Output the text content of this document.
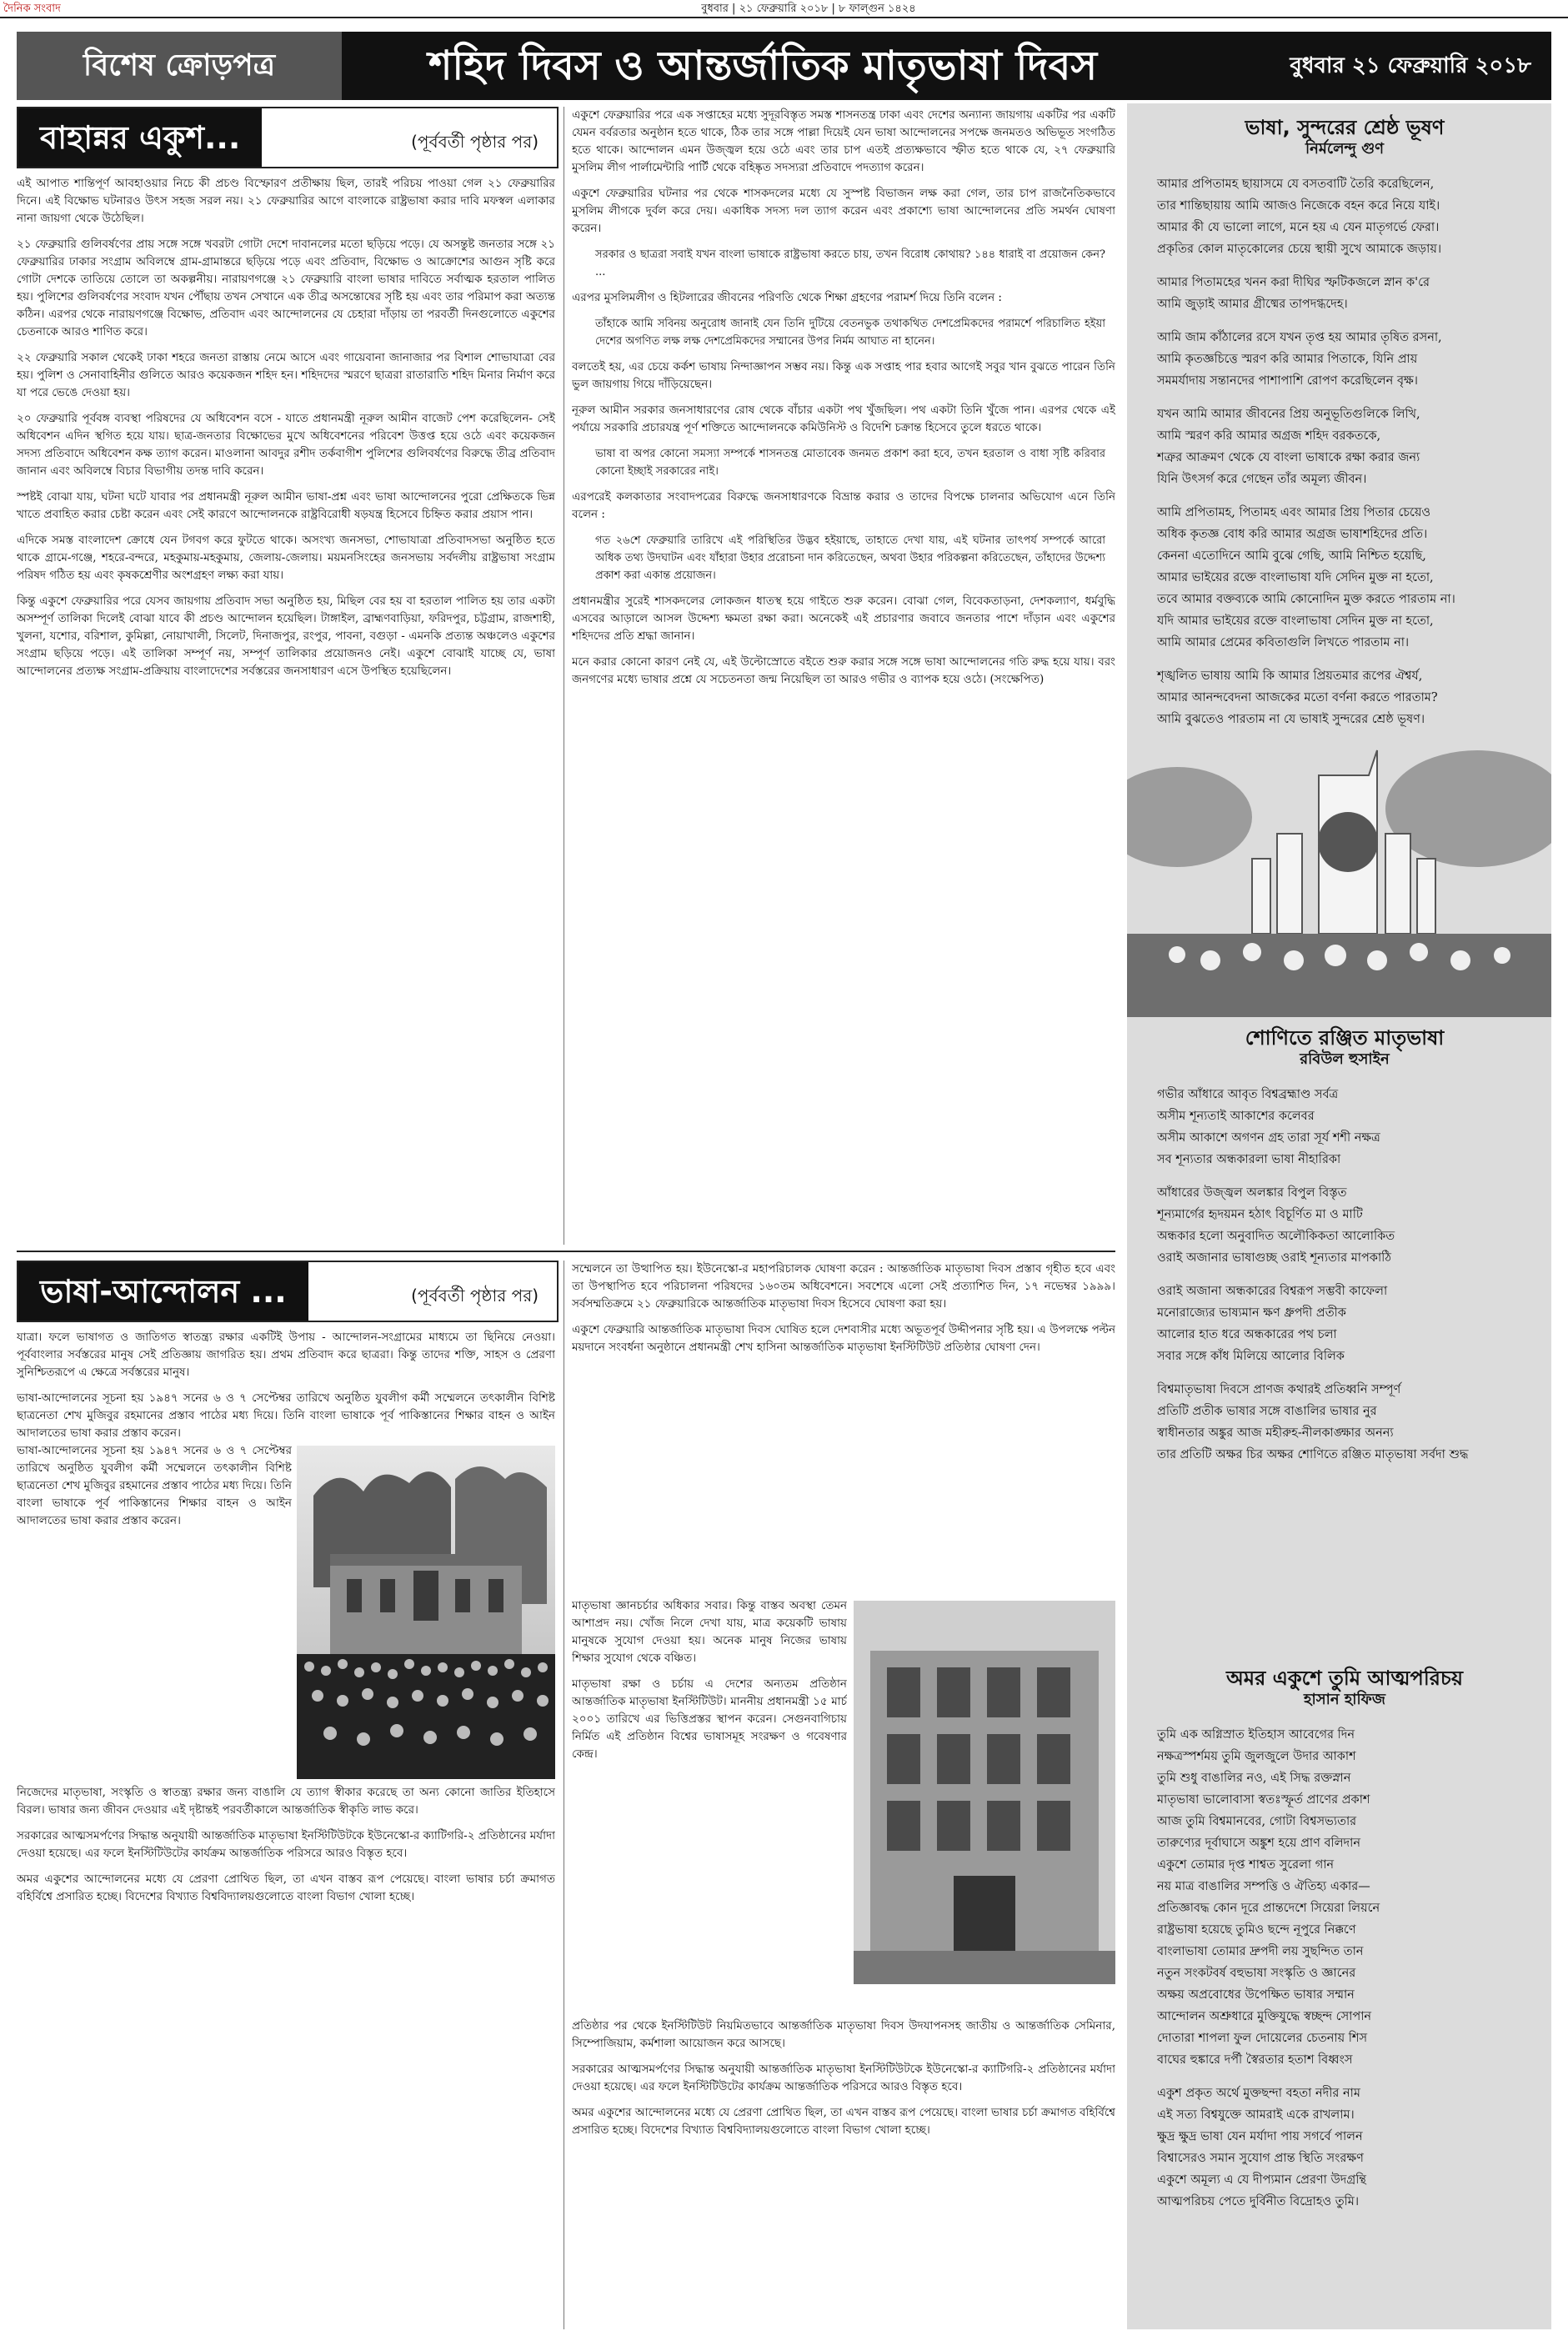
দৈনিক সংবাদ	বুধবার | ২১ ফেব্রুয়ারি ২০১৮ | ৮ ফাল্গুন ১৪২৪
বিশেষ ক্রোড়পত্র	শহিদ দিবস ও আন্তর্জাতিক মাতৃভাষা দিবস	বুধবার ২১ ফেব্রুয়ারি ২০১৮
বাহান্নর একুশ...	(পূর্ববর্তী পৃষ্ঠার পর)

এই আপাত শান্তিপূর্ণ আবহাওয়ার নিচে কী প্রচণ্ড বিস্ফোরণ প্রতীক্ষায় ছিল, তারই পরিচয় পাওয়া গেল ২১ ফেব্রুয়ারির দিনে। এই বিক্ষোভ ঘটনারও উৎস সহজ সরল নয়। ২১ ফেব্রুয়ারির আগে বাংলাকে রাষ্ট্রভাষা করার দাবি মফস্বল এলাকার নানা জায়গা থেকে উঠেছিল।

২১ ফেব্রুয়ারি গুলিবর্ষণের প্রায় সঙ্গে সঙ্গে খবরটা গোটা দেশে দাবানলের মতো ছড়িয়ে পড়ে। যে অসন্তুষ্ট জনতার সঙ্গে ২১ ফেব্রুয়ারির ঢাকার সংগ্রাম অবিলম্বে গ্রাম-গ্রামান্তরে ছড়িয়ে পড়ে এবং প্রতিবাদ, বিক্ষোভ ও আক্রোশের আগুন সৃষ্টি করে গোটা দেশকে তাতিয়ে তোলে তা অকল্পনীয়। নারায়ণগঞ্জে ২১ ফেব্রুয়ারি বাংলা ভাষার দাবিতে সর্বাত্মক হরতাল পালিত হয়। পুলিশের গুলিবর্ষণের সংবাদ যখন পৌঁছায় তখন সেখানে এক তীব্র অসন্তোষের সৃষ্টি হয় এবং তার পরিমাপ করা অত্যন্ত কঠিন। এরপর থেকে নারায়ণগঞ্জে বিক্ষোভ, প্রতিবাদ এবং আন্দোলনের যে চেহারা দাঁড়ায় তা পরবর্তী দিনগুলোতে একুশের চেতনাকে আরও শাণিত করে।

২২ ফেব্রুয়ারি সকাল থেকেই ঢাকা শহরে জনতা রাস্তায় নেমে আসে এবং গায়েবানা জানাজার পর বিশাল শোভাযাত্রা বের হয়। পুলিশ ও সেনাবাহিনীর গুলিতে আরও কয়েকজন শহিদ হন। শহিদদের স্মরণে ছাত্ররা রাতারাতি শহিদ মিনার নির্মাণ করে যা পরে ভেঙে দেওয়া হয়।

২০ ফেব্রুয়ারি পূর্ববঙ্গ ব্যবস্থা পরিষদের যে অধিবেশন বসে - যাতে প্রধানমন্ত্রী নূরুল আমীন বাজেট পেশ করেছিলেন- সেই অধিবেশন এদিন স্থগিত হয়ে যায়। ছাত্র-জনতার বিক্ষোভের মুখে অধিবেশনের পরিবেশ উত্তপ্ত হয়ে ওঠে এবং কয়েকজন সদস্য প্রতিবাদে অধিবেশন কক্ষ ত্যাগ করেন। মাওলানা আবদুর রশীদ তর্কবাগীশ পুলিশের গুলিবর্ষণের বিরুদ্ধে তীব্র প্রতিবাদ জানান এবং অবিলম্বে বিচার বিভাগীয় তদন্ত দাবি করেন।

স্পষ্টই বোঝা যায়, ঘটনা ঘটে যাবার পর প্রধানমন্ত্রী নূরুল আমীন ভাষা-প্রশ্ন এবং ভাষা আন্দোলনের পুরো প্রেক্ষিতকে ভিন্ন খাতে প্রবাহিত করার চেষ্টা করেন এবং সেই কারণে আন্দোলনকে রাষ্ট্রবিরোধী ষড়যন্ত্র হিসেবে চিহ্নিত করার প্রয়াস পান।

এদিকে সমস্ত বাংলাদেশ ক্রোধে যেন টগবগ করে ফুটতে থাকে। অসংখ্য জনসভা, শোভাযাত্রা প্রতিবাদসভা অনুষ্ঠিত হতে থাকে গ্রামে-গঞ্জে, শহরে-বন্দরে, মহকুমায়-মহকুমায়, জেলায়-জেলায়। ময়মনসিংহের জনসভায় সর্বদলীয় রাষ্ট্রভাষা সংগ্রাম পরিষদ গঠিত হয় এবং কৃষকশ্রেণীর অংশগ্রহণ লক্ষ্য করা যায়।

কিন্তু একুশে ফেব্রুয়ারির পরে যেসব জায়গায় প্রতিবাদ সভা অনুষ্ঠিত হয়, মিছিল বের হয় বা হরতাল পালিত হয় তার একটা অসম্পূর্ণ তালিকা দিলেই বোঝা যাবে কী প্রচণ্ড আন্দোলন হয়েছিল। টাঙ্গাইল, ব্রাহ্মণবাড়িয়া, ফরিদপুর, চট্টগ্রাম, রাজশাহী, খুলনা, যশোর, বরিশাল, কুমিল্লা, নোয়াখালী, সিলেট, দিনাজপুর, রংপুর, পাবনা, বগুড়া - এমনকি প্রত্যন্ত অঞ্চলেও একুশের সংগ্রাম ছড়িয়ে পড়ে। এই তালিকা সম্পূর্ণ নয়, সম্পূর্ণ তালিকার প্রয়োজনও নেই। একুশে বোঝাই যাচ্ছে যে, ভাষা আন্দোলনের প্রত্যক্ষ সংগ্রাম-প্রক্রিয়ায় বাংলাদেশের সর্বস্তরের জনসাধারণ এসে উপস্থিত হয়েছিলেন।

একুশে ফেব্রুয়ারির পরে এক সপ্তাহের মধ্যে সুদূরবিস্তৃত সমস্ত শাসনতন্ত্র ঢাকা এবং দেশের অন্যান্য জায়গায় একটির পর একটি যেমন বর্বরতার অনুষ্ঠান হতে থাকে, ঠিক তার সঙ্গে পাল্লা দিয়েই যেন ভাষা আন্দোলনের সপক্ষে জনমতও অভিভূত সংগঠিত হতে থাকে। আন্দোলন এমন উজ্জ্বল হয়ে ওঠে এবং তার চাপ এতই প্রত্যক্ষভাবে স্ফীত হতে থাকে যে, ২৭ ফেব্রুয়ারি মুসলিম লীগ পার্লামেন্টারি পার্টি থেকে বহিষ্কৃত সদস্যরা প্রতিবাদে পদত্যাগ করেন।

একুশে ফেব্রুয়ারির ঘটনার পর থেকে শাসকদলের মধ্যে যে সুস্পষ্ট বিভাজন লক্ষ করা গেল, তার চাপ রাজনৈতিকভাবে মুসলিম লীগকে দুর্বল করে দেয়। একাধিক সদস্য দল ত্যাগ করেন এবং প্রকাশ্যে ভাষা আন্দোলনের প্রতি সমর্থন ঘোষণা করেন।

সরকার ও ছাত্ররা সবাই যখন বাংলা ভাষাকে রাষ্ট্রভাষা করতে চায়, তখন বিরোধ কোথায়? ১৪৪ ধারাই বা প্রয়োজন কেন? ...

এরপর মুসলিমলীগ ও হিটলারের জীবনের পরিণতি থেকে শিক্ষা গ্রহণের পরামর্শ দিয়ে তিনি বলেন :

তাঁহাকে আমি সবিনয় অনুরোধ জানাই যেন তিনি দুটিয়ে বেতনভুক তথাকথিত দেশপ্রেমিকদের পরামর্শে পরিচালিত হইয়া দেশের অগণিত লক্ষ লক্ষ দেশপ্রেমিকদের সম্মানের উপর নির্মম আঘাত না হানেন।

বলতেই হয়, এর চেয়ে কর্কশ ভাষায় নিন্দাজ্ঞাপন সম্ভব নয়। কিন্তু এক সপ্তাহ পার হবার আগেই সবুর খান বুঝতে পারেন তিনি ভুল জায়গায় গিয়ে দাঁড়িয়েছেন।

নূরুল আমীন সরকার জনসাধারণের রোষ থেকে বাঁচার একটা পথ খুঁজছিল। পথ একটা তিনি খুঁজে পান। এরপর থেকে এই পর্যায়ে সরকারি প্রচারযন্ত্র পূর্ণ শক্তিতে আন্দোলনকে কমিউনিস্ট ও বিদেশি চক্রান্ত হিসেবে তুলে ধরতে থাকে।

ভাষা বা অপর কোনো সমস্যা সম্পর্কে শাসনতন্ত্র মোতাবেক জনমত প্রকাশ করা হবে, তখন হরতাল ও বাধা সৃষ্টি করিবার কোনো ইচ্ছাই সরকারের নাই।

এরপরেই কলকাতার সংবাদপত্রের বিরুদ্ধে জনসাধারণকে বিভ্রান্ত করার ও তাদের বিপক্ষে চালনার অভিযোগ এনে তিনি বলেন :

গত ২৬শে ফেব্রুয়ারি তারিখে এই পরিস্থিতির উদ্ভব হইয়াছে, তাহাতে দেখা যায়, এই ঘটনার তাৎপর্য সম্পর্কে আরো অধিক তথ্য উদঘাটন এবং যাঁহারা উহার প্ররোচনা দান করিতেছেন, অথবা উহার পরিকল্পনা করিতেছেন, তাঁহাদের উদ্দেশ্য প্রকাশ করা একান্ত প্রয়োজন।

প্রধানমন্ত্রীর সুরেই শাসকদলের লোকজন ধাতস্থ হয়ে গাইতে শুরু করেন। বোঝা গেল, বিবেকতাড়না, দেশকল্যাণ, ধর্মবুদ্ধি এসবের আড়ালে আসল উদ্দেশ্য ক্ষমতা রক্ষা করা। অনেকেই এই প্রচারণার জবাবে জনতার পাশে দাঁড়ান এবং একুশের শহিদদের প্রতি শ্রদ্ধা জানান।

মনে করার কোনো কারণ নেই যে, এই উল্টোস্রোতে বইতে শুরু করার সঙ্গে সঙ্গে ভাষা আন্দোলনের গতি রুদ্ধ হয়ে যায়। বরং জনগণের মধ্যে ভাষার প্রশ্নে যে সচেতনতা জন্ম নিয়েছিল তা আরও গভীর ও ব্যাপক হয়ে ওঠে। (সংক্ষেপিত)

ভাষা-আন্দোলন ...	(পূর্ববর্তী পৃষ্ঠার পর)

যাত্রা। ফলে ভাষাগত ও জাতিগত স্বাতন্ত্র্য রক্ষার একটিই উপায় - আন্দোলন-সংগ্রামের মাধ্যমে তা ছিনিয়ে নেওয়া। পূর্ববাংলার সর্বস্তরের মানুষ সেই প্রতিজ্ঞায় জাগরিত হয়। প্রথম প্রতিবাদ করে ছাত্ররা। কিন্তু তাদের শক্তি, সাহস ও প্রেরণা সুনিশ্চিতরূপে এ ক্ষেত্রে সর্বস্তরের মানুষ।

ভাষা-আন্দোলনের সূচনা হয় ১৯৪৭ সনের ৬ ও ৭ সেপ্টেম্বর তারিখে অনুষ্ঠিত যুবলীগ কর্মী সম্মেলনে তৎকালীন বিশিষ্ট ছাত্রনেতা শেখ মুজিবুর রহমানের প্রস্তাব পাঠের মধ্য দিয়ে। তিনি বাংলা ভাষাকে পূর্ব পাকিস্তানের শিক্ষার বাহন ও আইন আদালতের ভাষা করার প্রস্তাব করেন।

ভাষা-আন্দোলনের সূচনা হয় ১৯৪৭ সনের ৬ ও ৭ সেপ্টেম্বর তারিখে অনুষ্ঠিত যুবলীগ কর্মী সম্মেলনে তৎকালীন বিশিষ্ট ছাত্রনেতা শেখ মুজিবুর রহমানের প্রস্তাব পাঠের মধ্য দিয়ে। তিনি বাংলা ভাষাকে পূর্ব পাকিস্তানের শিক্ষার বাহন ও আইন আদালতের ভাষা করার প্রস্তাব করেন।

নিজেদের মাতৃভাষা, সংস্কৃতি ও স্বাতন্ত্র্য রক্ষার জন্য বাঙালি যে ত্যাগ স্বীকার করেছে তা অন্য কোনো জাতির ইতিহাসে বিরল। ভাষার জন্য জীবন দেওয়ার এই দৃষ্টান্তই পরবর্তীকালে আন্তর্জাতিক স্বীকৃতি লাভ করে।

সরকারের আত্মসমর্পণের সিদ্ধান্ত অনুযায়ী আন্তর্জাতিক মাতৃভাষা ইনস্টিটিউটকে ইউনেস্কো-র ক্যাটিগরি-২ প্রতিষ্ঠানের মর্যাদা দেওয়া হয়েছে। এর ফলে ইনস্টিটিউটের কার্যক্রম আন্তর্জাতিক পরিসরে আরও বিস্তৃত হবে।

অমর একুশের আন্দোলনের মধ্যে যে প্রেরণা প্রোথিত ছিল, তা এখন বাস্তব রূপ পেয়েছে। বাংলা ভাষার চর্চা ক্রমাগত বহির্বিশ্বে প্রসারিত হচ্ছে। বিদেশের বিখ্যাত বিশ্ববিদ্যালয়গুলোতে বাংলা বিভাগ খোলা হচ্ছে।

সম্মেলনে তা উত্থাপিত হয়। ইউনেস্কো-র মহাপরিচালক ঘোষণা করেন : আন্তর্জাতিক মাতৃভাষা দিবস প্রস্তাব গৃহীত হবে এবং তা উপস্থাপিত হবে পরিচালনা পরিষদের ১৬০তম অধিবেশনে। সবশেষে এলো সেই প্রত্যাশিত দিন, ১৭ নভেম্বর ১৯৯৯। সর্বসম্মতিক্রমে ২১ ফেব্রুয়ারিকে আন্তর্জাতিক মাতৃভাষা দিবস হিসেবে ঘোষণা করা হয়।

একুশে ফেব্রুয়ারি আন্তর্জাতিক মাতৃভাষা দিবস ঘোষিত হলে দেশবাসীর মধ্যে অভূতপূর্ব উদ্দীপনার সৃষ্টি হয়। এ উপলক্ষে পল্টন ময়দানে সংবর্ধনা অনুষ্ঠানে প্রধানমন্ত্রী শেখ হাসিনা আন্তর্জাতিক মাতৃভাষা ইনস্টিটিউট প্রতিষ্ঠার ঘোষণা দেন।

মাতৃভাষা জ্ঞানচর্চার অধিকার সবার। কিন্তু বাস্তব অবস্থা তেমন আশাপ্রদ নয়। খোঁজ নিলে দেখা যায়, মাত্র কয়েকটি ভাষায় মানুষকে সুযোগ দেওয়া হয়। অনেক মানুষ নিজের ভাষায় শিক্ষার সুযোগ থেকে বঞ্চিত।

মাতৃভাষা রক্ষা ও চর্চায় এ দেশের অন্যতম প্রতিষ্ঠান আন্তর্জাতিক মাতৃভাষা ইনস্টিটিউট। মাননীয় প্রধানমন্ত্রী ১৫ মার্চ ২০০১ তারিখে এর ভিত্তিপ্রস্তর স্থাপন করেন। সেগুনবাগিচায় নির্মিত এই প্রতিষ্ঠান বিশ্বের ভাষাসমূহ সংরক্ষণ ও গবেষণার কেন্দ্র।

প্রতিষ্ঠার পর থেকে ইনস্টিটিউট নিয়মিতভাবে আন্তর্জাতিক মাতৃভাষা দিবস উদযাপনসহ জাতীয় ও আন্তর্জাতিক সেমিনার, সিম্পোজিয়াম, কর্মশালা আয়োজন করে আসছে।

সরকারের আত্মসমর্পণের সিদ্ধান্ত অনুযায়ী আন্তর্জাতিক মাতৃভাষা ইনস্টিটিউটকে ইউনেস্কো-র ক্যাটিগরি-২ প্রতিষ্ঠানের মর্যাদা দেওয়া হয়েছে। এর ফলে ইনস্টিটিউটের কার্যক্রম আন্তর্জাতিক পরিসরে আরও বিস্তৃত হবে।

অমর একুশের আন্দোলনের মধ্যে যে প্রেরণা প্রোথিত ছিল, তা এখন বাস্তব রূপ পেয়েছে। বাংলা ভাষার চর্চা ক্রমাগত বহির্বিশ্বে প্রসারিত হচ্ছে। বিদেশের বিখ্যাত বিশ্ববিদ্যালয়গুলোতে বাংলা বিভাগ খোলা হচ্ছে।

ভাষা, সুন্দরের শ্রেষ্ঠ ভূষণ
নির্মলেন্দু গুণ
আমার প্রপিতামহ ছায়াসমে যে বসতবাটি তৈরি করেছিলেন,
তার শান্তিছায়ায় আমি আজও নিজেকে বহন করে নিয়ে যাই।
আমার কী যে ভালো লাগে, মনে হয় এ যেন মাতৃগর্ভে ফেরা।
প্রকৃতির কোল মাতৃকোলের চেয়ে স্থায়ী সুখে আমাকে জড়ায়।
আমার পিতামহের খনন করা দীঘির স্ফটিকজলে স্নান ক'রে
আমি জুড়াই আমার গ্রীষ্মের তাপদগ্ধদেহ।
আমি জাম কাঁঠালের রসে যখন তৃপ্ত হয় আমার তৃষিত রসনা,
আমি কৃতজ্ঞচিত্তে স্মরণ করি আমার পিতাকে, যিনি প্রায়
সমমর্যাদায় সন্তানদের পাশাপাশি রোপণ করেছিলেন বৃক্ষ।
যখন আমি আমার জীবনের প্রিয় অনুভূতিগুলিকে লিখি,
আমি স্মরণ করি আমার অগ্রজ শহিদ বরকতকে,
শত্রুর আক্রমণ থেকে যে বাংলা ভাষাকে রক্ষা করার জন্য
যিনি উৎসর্গ করে গেছেন তাঁর অমূল্য জীবন।
আমি প্রপিতামহ, পিতামহ এবং আমার প্রিয় পিতার চেয়েও
অধিক কৃতজ্ঞ বোধ করি আমার অগ্রজ ভাষাশহিদের প্রতি।
কেননা এতোদিনে আমি বুঝে গেছি, আমি নিশ্চিত হয়েছি,
আমার ভাইয়ের রক্তে বাংলাভাষা যদি সেদিন মুক্ত না হতো,
তবে আমার বক্তব্যকে আমি কোনোদিন মুক্ত করতে পারতাম না।
যদি আমার ভাইয়ের রক্তে বাংলাভাষা সেদিন মুক্ত না হতো,
আমি আমার প্রেমের কবিতাগুলি লিখতে পারতাম না।
শৃঙ্খলিত ভাষায় আমি কি আমার প্রিয়তমার রূপের ঐশ্বর্য,
আমার আনন্দবেদনা আজকের মতো বর্ণনা করতে পারতাম?
আমি বুঝতেও পারতাম না যে ভাষাই সুন্দরের শ্রেষ্ঠ ভূষণ।
শোণিতে রঞ্জিত মাতৃভাষা
রবিউল হুসাইন
গভীর আঁধারে আবৃত বিশ্বব্রহ্মাণ্ড সর্বত্র
অসীম শূন্যতাই আকাশের কলেবর
অসীম আকাশে অগণন গ্রহ তারা সূর্য শশী নক্ষত্র
সব শূন্যতার অন্ধকারলা ভাষা নীহারিকা
আঁধারের উজ্জ্বল অলঙ্কার বিপুল বিস্তৃত
শূন্যমার্গের হৃদয়মন হঠাৎ বিচূর্ণিত মা ও মাটি
অন্ধকার হলো অনুবাদিত অলৌকিকতা আলোকিত
ওরাই অজানার ভাষাগুচ্ছ ওরাই শূন্যতার মাপকাঠি
ওরাই অজানা অন্ধকারের বিশ্বরূপ সম্ভবী কাফেলা
মনোরাজ্যের ভাষ্যমান ক্ষণ ধ্রুপদী প্রতীক
আলোর হাত ধরে অন্ধকারের পথ চলা
সবার সঙ্গে কাঁধ মিলিয়ে আলোর বিলিক
বিশ্বমাতৃভাষা দিবসে প্রাণজ কথারই প্রতিধ্বনি সম্পূর্ণ
প্রতিটি প্রতীক ভাষার সঙ্গে বাঙালির ভাষার নুর
স্বাধীনতার অঙ্কুর আজ মহীরুহ-নীলকাঙ্ক্ষার অনন্য
তার প্রতিটি অক্ষর চির অক্ষর শোণিতে রঞ্জিত মাতৃভাষা সর্বদা শুদ্ধ
অমর একুশে তুমি আত্মপরিচয়
হাসান হাফিজ
তুমি এক অগ্নিস্রাত ইতিহাস আবেগের দিন
নক্ষত্রস্পর্শময় তুমি জুলজুলে উদার আকাশ
তুমি শুধু বাঙালির নও, এই সিদ্ধ রক্তস্নান
মাতৃভাষা ভালোবাসা স্বতঃস্ফূর্ত প্রাণের প্রকাশ
আজ তুমি বিশ্বমানবের, গোটা বিশ্বসভ্যতার
তারুণ্যের দূর্বাঘাসে অঙ্কুশ হয়ে প্রাণ বলিদান
একুশে তোমার দৃপ্ত শাশ্বত সুরেলা গান
নয় মাত্র বাঙালির সম্পত্তি ও ঐতিহ্য একার—
প্রতিজ্ঞাবদ্ধ কোন দূরে প্রান্তদেশে সিয়েরা লিয়নে
রাষ্ট্রভাষা হয়েছে তুমিও ছন্দে নূপুরে নিক্কণে
বাংলাভাষা তোমার দ্রুপদী লয় সুছন্দিত তান
নতুন সংকটবর্ষ বহুভাষা সংস্কৃতি ও জ্ঞানের
অক্ষয় অপ্রবোধের উপেক্ষিত ভাষার সম্মান
আন্দোলন অশ্রুধারে মুক্তিযুদ্ধে স্বচ্ছন্দ সোপান
দোতারা শাপলা ফুল দোয়েলের চেতনায় শিস
বাঘের হুঙ্কারে দর্পী স্বৈরতার হতাশ বিধ্বংস
একুশ প্রকৃত অর্থে মুক্তছন্দা বহতা নদীর নাম
এই সত্য বিশ্বযুক্তে আমরাই একে রাখলাম।
ক্ষুদ্র ক্ষুদ্র ভাষা যেন মর্যাদা পায় সগর্বে পালন
বিশ্বাসেরও সমান সুযোগ প্রান্ত স্থিতি সংরক্ষণ
একুশে অমূল্য এ যে দীপ্যমান প্রেরণা উদগ্রন্থি
আত্মপরিচয় পেতে দুর্বিনীত বিদ্রোহও তুমি।
